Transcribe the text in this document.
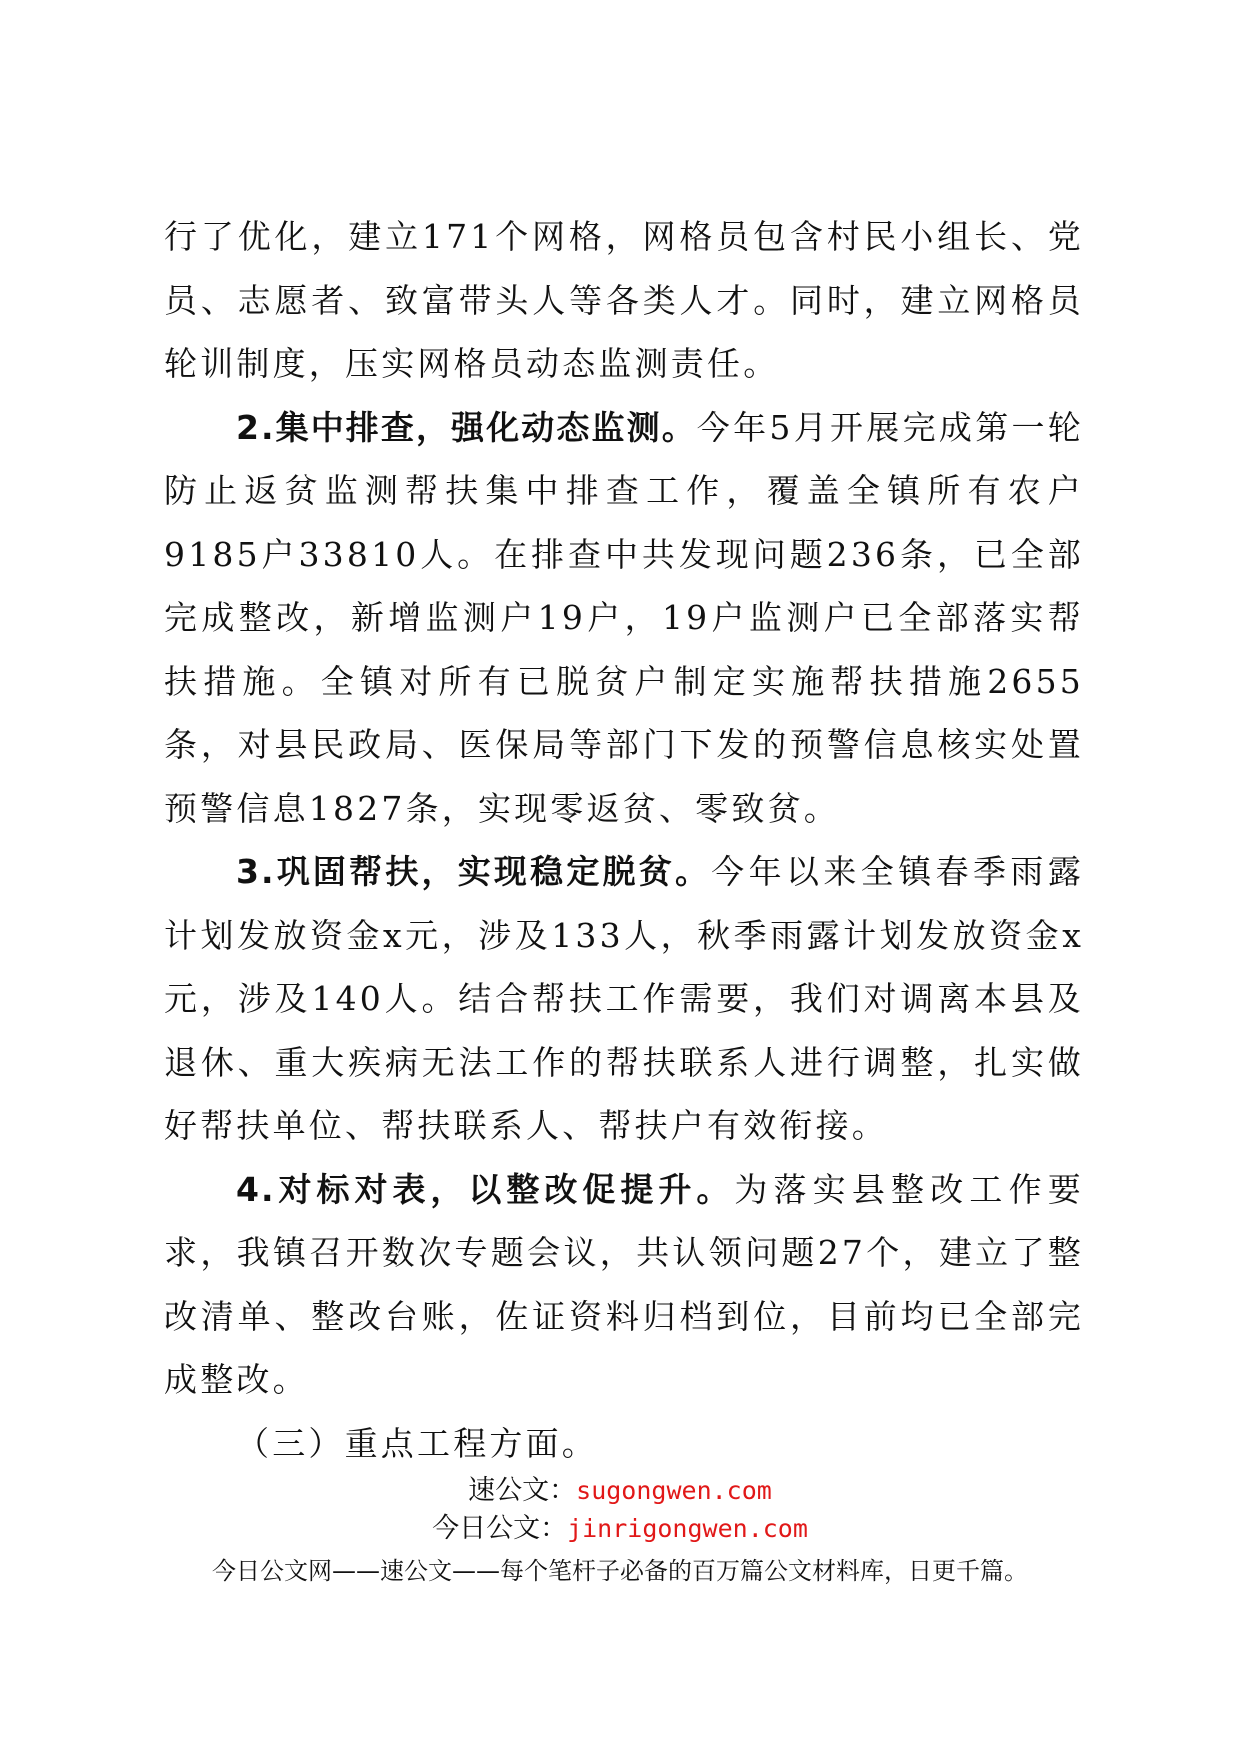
行了优化，建立171个网格，网格员包含村民小组长、党员、志愿者、致富带头人等各类人才。同时，建立网格员轮训制度，压实网格员动态监测责任。

2.集中排查，强化动态监测。今年5月开展完成第一轮防止返贫监测帮扶集中排查工作，覆盖全镇所有农户9185户33810人。在排查中共发现问题236条，已全部完成整改，新增监测户19户，19户监测户已全部落实帮扶措施。全镇对所有已脱贫户制定实施帮扶措施2655条，对县民政局、医保局等部门下发的预警信息核实处置预警信息1827条，实现零返贫、零致贫。

3.巩固帮扶，实现稳定脱贫。今年以来全镇春季雨露计划发放资金x元，涉及133人，秋季雨露计划发放资金x元，涉及140人。结合帮扶工作需要，我们对调离本县及退休、重大疾病无法工作的帮扶联系人进行调整，扎实做好帮扶单位、帮扶联系人、帮扶户有效衔接。

4.对标对表，以整改促提升。为落实县整改工作要求，我镇召开数次专题会议，共认领问题27个，建立了整改清单、整改台账，佐证资料归档到位，目前均已全部完成整改。

（三）重点工程方面。

速公文：sugongwen.com

今日公文：jinrigongwen.com

今日公文网——速公文——每个笔杆子必备的百万篇公文材料库，日更千篇。
